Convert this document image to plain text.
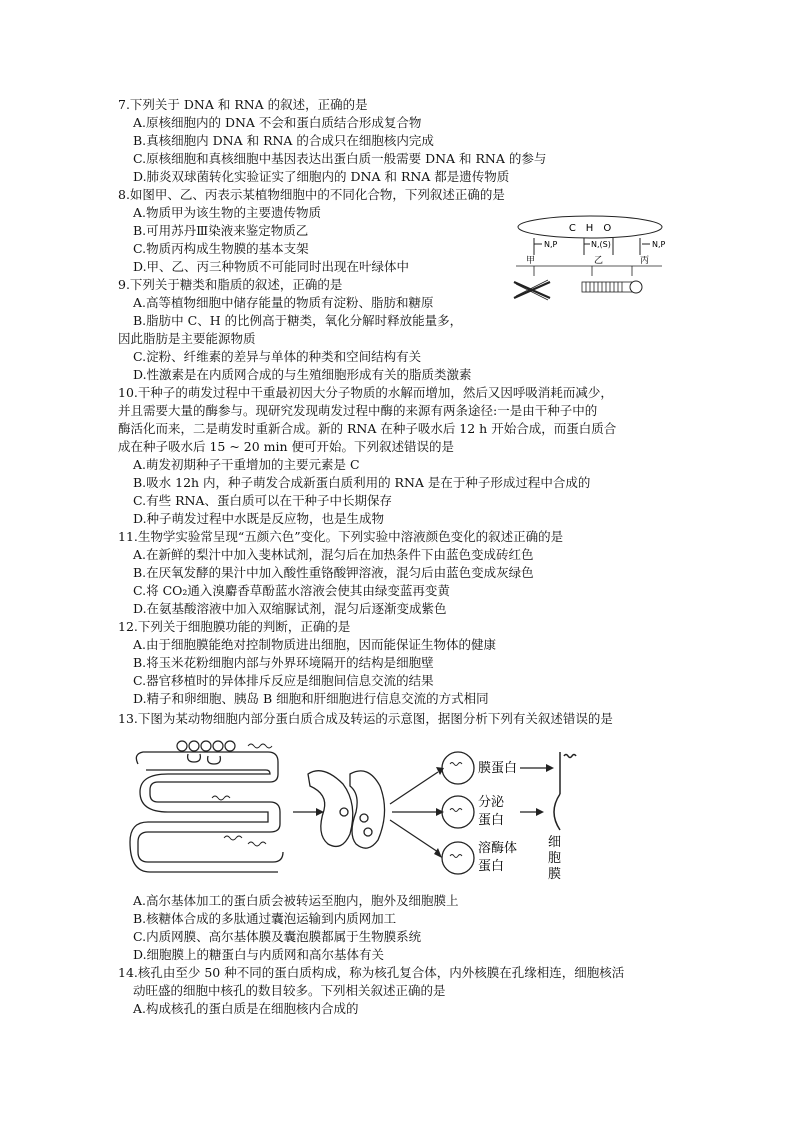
7.下列关于 DNA 和 RNA 的叙述，正确的是
A.原核细胞内的 DNA 不会和蛋白质结合形成复合物
B.真核细胞内 DNA 和 RNA 的合成只在细胞核内完成
C.原核细胞和真核细胞中基因表达出蛋白质一般需要 DNA 和 RNA 的参与
D.肺炎双球菌转化实验证实了细胞内的 DNA 和 RNA 都是遗传物质
8.如图甲、乙、丙表示某植物细胞中的不同化合物，下列叙述正确的是
A.物质甲为该生物的主要遗传物质
B.可用苏丹Ⅲ染液来鉴定物质乙
C.物质丙构成生物膜的基本支架
D.甲、乙、丙三种物质不可能同时出现在叶绿体中
C　H　O
N,P	N,(S)	N,P
甲	乙	丙
9.下列关于糖类和脂质的叙述，正确的是
A.高等植物细胞中储存能量的物质有淀粉、脂肪和糖原
B.脂肪中 C、H 的比例高于糖类，氧化分解时释放能量多，
因此脂肪是主要能源物质
C.淀粉、纤维素的差异与单体的种类和空间结构有关
D.性激素是在内质网合成的与生殖细胞形成有关的脂质类激素
10.干种子的萌发过程中干重最初因大分子物质的水解而增加，然后又因呼吸消耗而减少，
并且需要大量的酶参与。现研究发现萌发过程中酶的来源有两条途径:一是由干种子中的
酶活化而来，二是萌发时重新合成。新的 RNA 在种子吸水后 12 h 开始合成，而蛋白质合
成在种子吸水后 15 ~ 20 min 便可开始。下列叙述错误的是
A.萌发初期种子干重增加的主要元素是 C
B.吸水 12h 内，种子萌发合成新蛋白质利用的 RNA 是在于种子形成过程中合成的
C.有些 RNA、蛋白质可以在干种子中长期保存
D.种子萌发过程中水既是反应物，也是生成物
11.生物学实验常呈现“五颜六色”变化。下列实验中溶液颜色变化的叙述正确的是
A.在新鲜的梨汁中加入斐林试剂，混匀后在加热条件下由蓝色变成砖红色
B.在厌氧发酵的果汁中加入酸性重铬酸钾溶液，混匀后由蓝色变成灰绿色
C.将 CO₂通入溴麝香草酚蓝水溶液会使其由绿变蓝再变黄
D.在氨基酸溶液中加入双缩脲试剂，混匀后逐渐变成紫色
12.下列关于细胞膜功能的判断，正确的是
A.由于细胞膜能绝对控制物质进出细胞，因而能保证生物体的健康
B.将玉米花粉细胞内部与外界环境隔开的结构是细胞壁
C.器官移植时的异体排斥反应是细胞间信息交流的结果
D.精子和卵细胞、胰岛 B 细胞和肝细胞进行信息交流的方式相同
13.下图为某动物细胞内部分蛋白质合成及转运的示意图，据图分析下列有关叙述错误的是
膜蛋白
分泌
蛋白
溶酶体
蛋白
细
胞
膜
A.高尔基体加工的蛋白质会被转运至胞内，胞外及细胞膜上
B.核糖体合成的多肽通过囊泡运输到内质网加工
C.内质网膜、高尔基体膜及囊泡膜都属于生物膜系统
D.细胞膜上的糖蛋白与内质网和高尔基体有关
14.核孔由至少 50 种不同的蛋白质构成，称为核孔复合体，内外核膜在孔缘相连，细胞核活
动旺盛的细胞中核孔的数目较多。下列相关叙述正确的是
A.构成核孔的蛋白质是在细胞核内合成的
